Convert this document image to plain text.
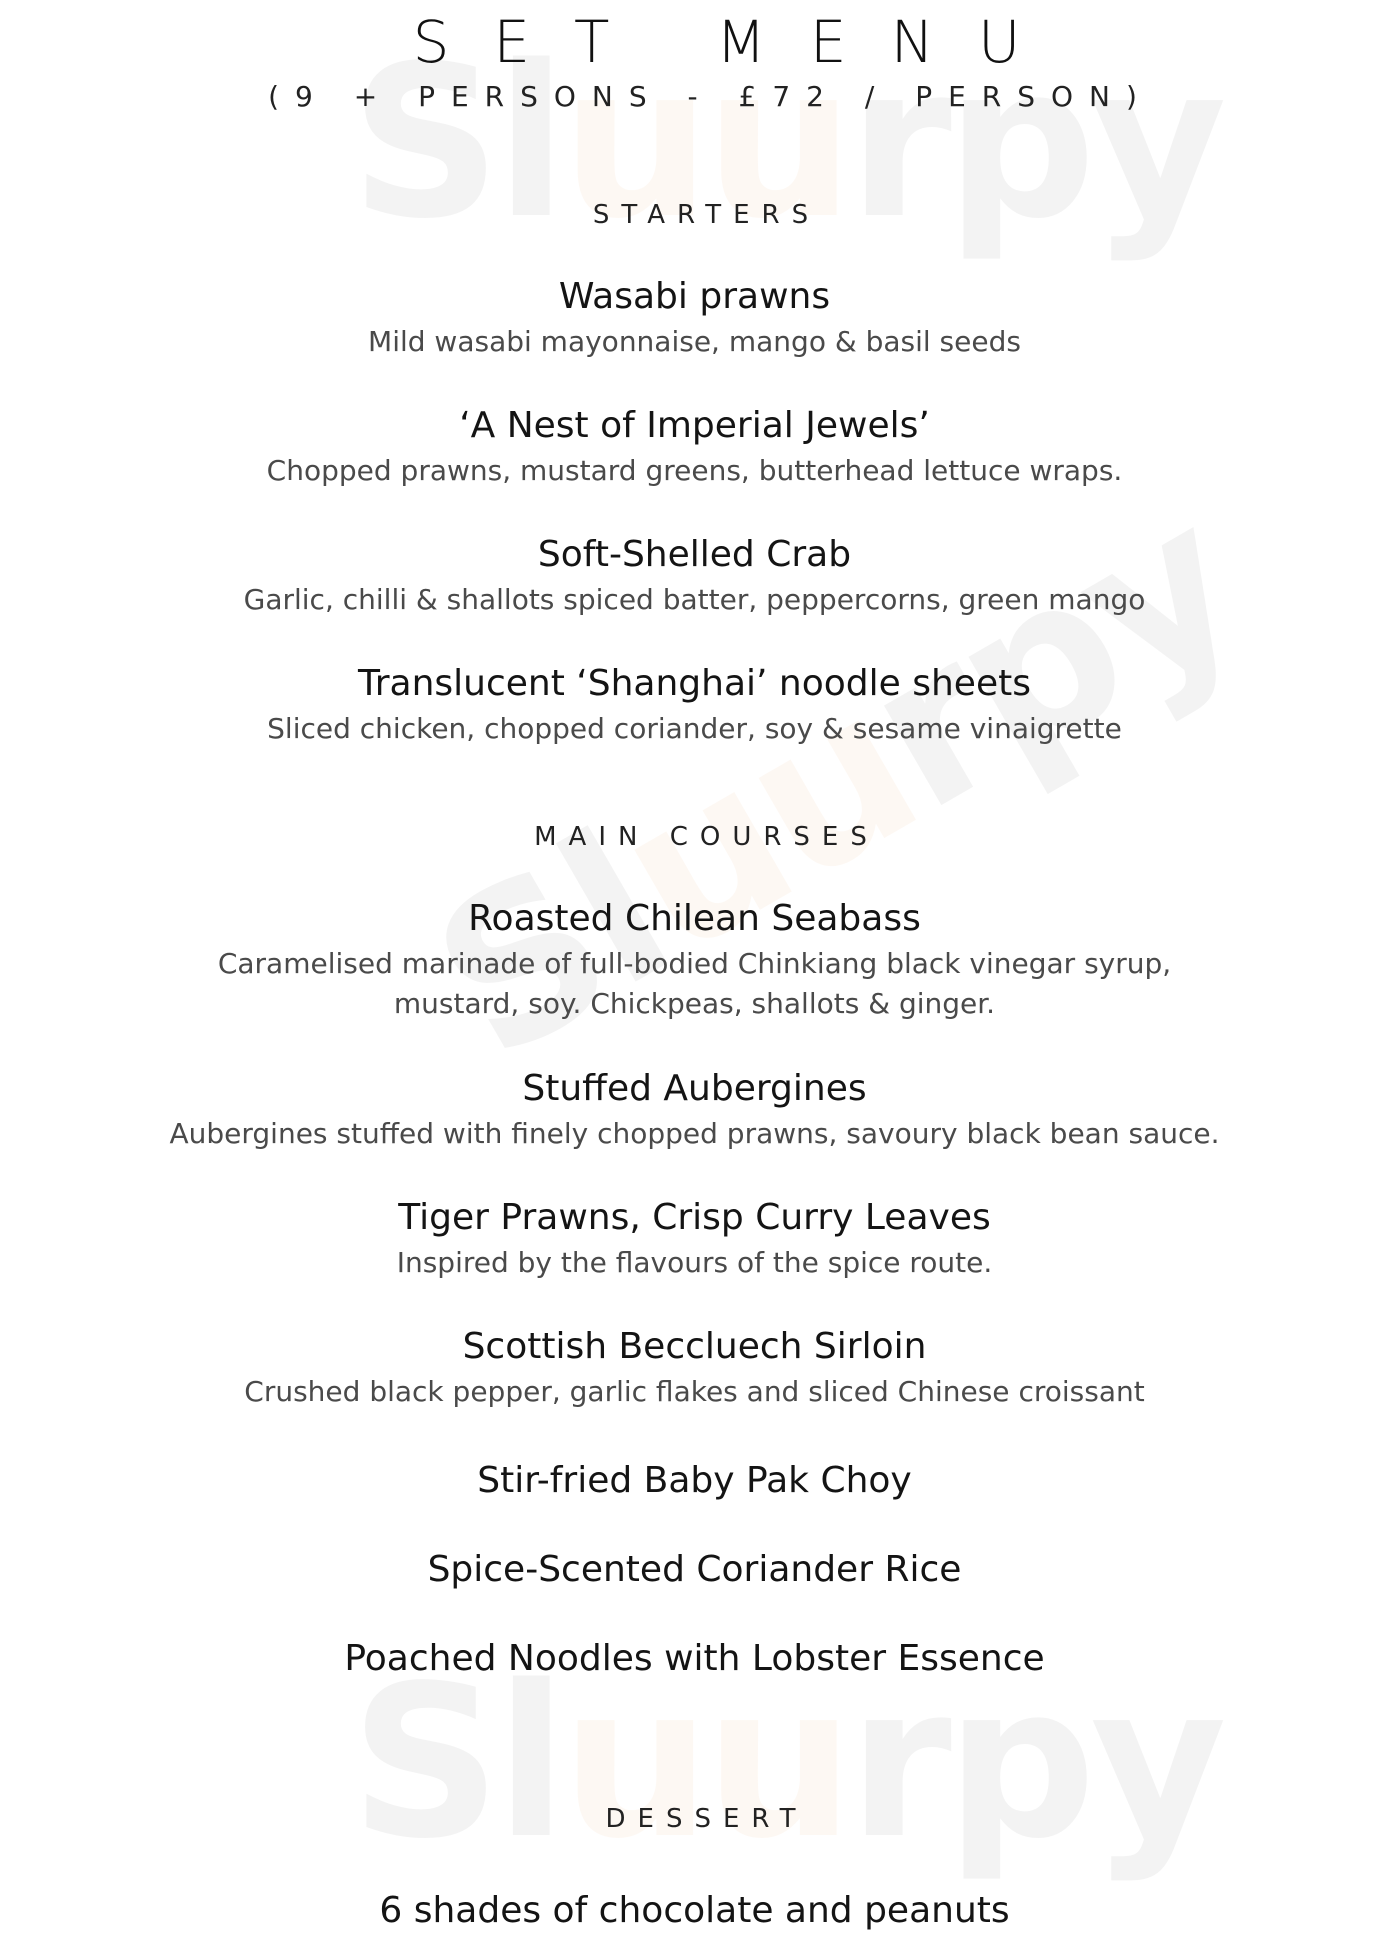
SET MENU
(9 + PERSONS - £72 / PERSON)
STARTERS
Wasabi prawns
Mild wasabi mayonnaise, mango & basil seeds
‘A Nest of Imperial Jewels’
Chopped prawns, mustard greens, butterhead lettuce wraps.
Soft-Shelled Crab
Garlic, chilli & shallots spiced batter, peppercorns, green mango
Translucent ‘Shanghai’ noodle sheets
Sliced chicken, chopped coriander, soy & sesame vinaigrette
MAIN COURSES
Roasted Chilean Seabass
Caramelised marinade of full-bodied Chinkiang black vinegar syrup,
mustard, soy. Chickpeas, shallots & ginger.
Stuffed Aubergines
Aubergines stuffed with finely chopped prawns, savoury black bean sauce.
Tiger Prawns, Crisp Curry Leaves
Inspired by the flavours of the spice route.
Scottish Beccluech Sirloin
Crushed black pepper, garlic flakes and sliced Chinese croissant
Stir-fried Baby Pak Choy
Spice-Scented Coriander Rice
Poached Noodles with Lobster Essence
DESSERT
6 shades of chocolate and peanuts
